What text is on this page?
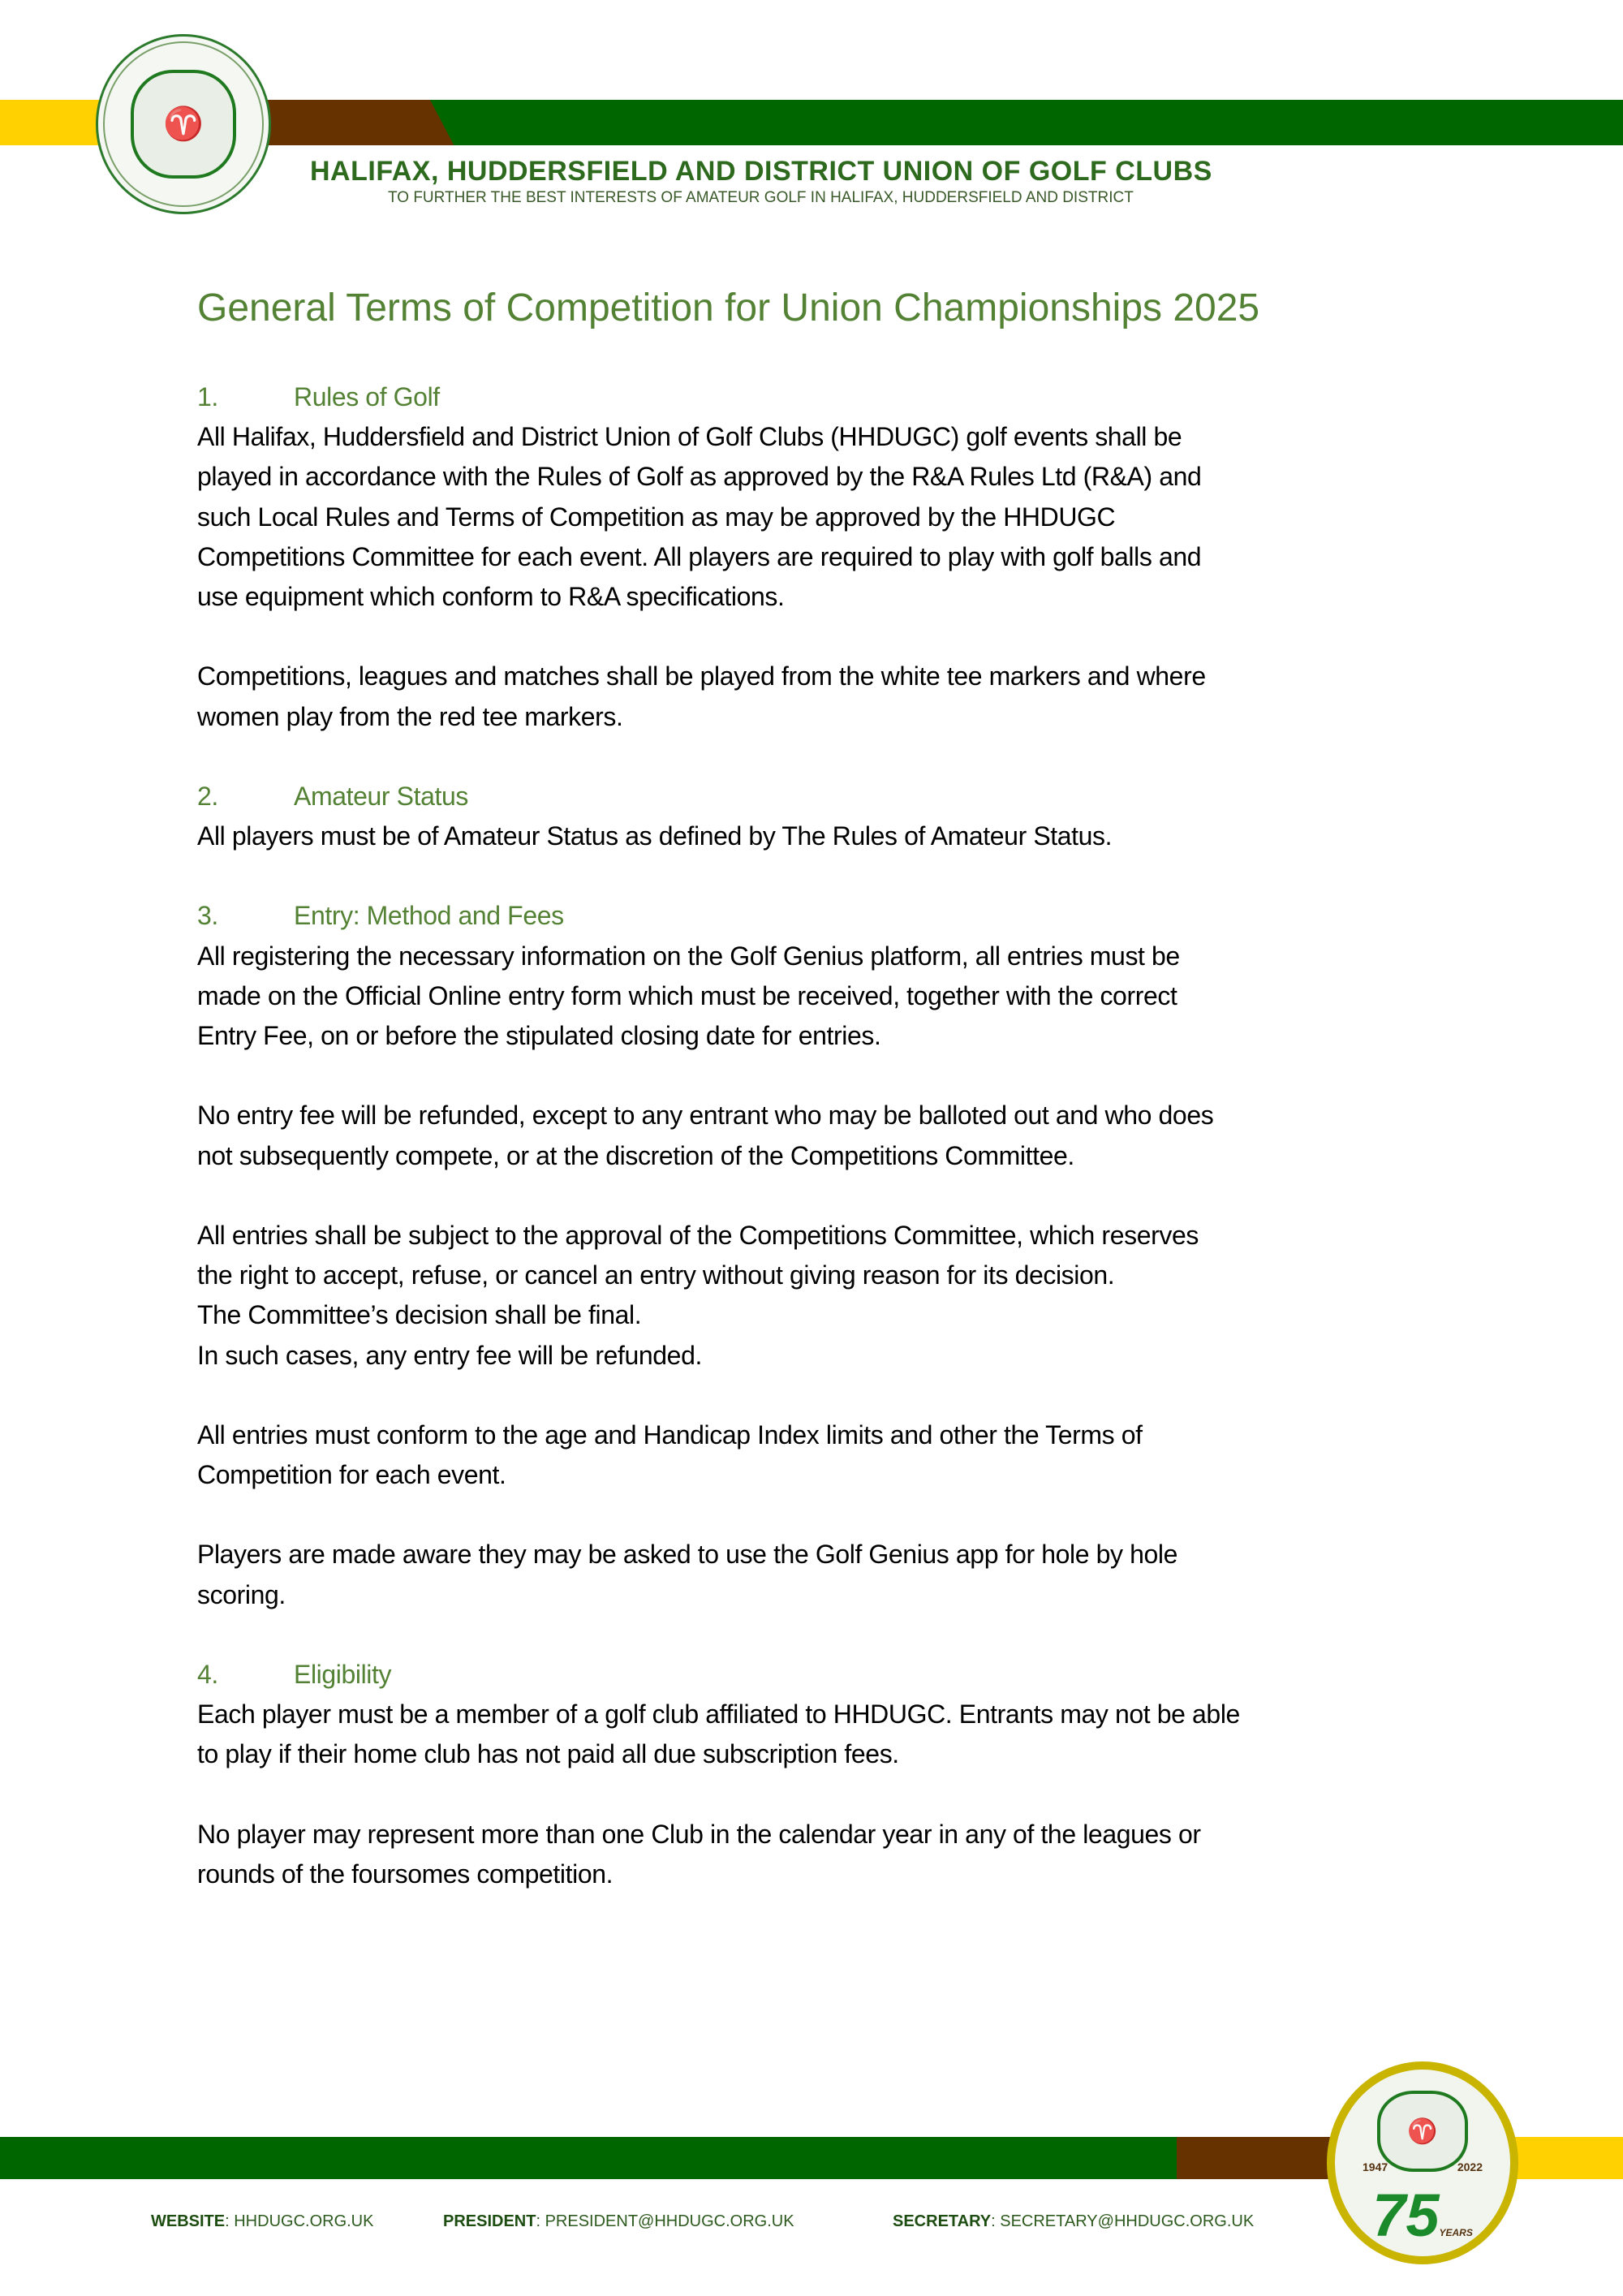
♈
HALIFAX, HUDDERSFIELD AND DISTRICT UNION OF GOLF CLUBS
TO FURTHER THE BEST INTERESTS OF AMATEUR GOLF IN HALIFAX, HUDDERSFIELD AND DISTRICT
General Terms of Competition for Union Championships 2025
1.	Rules of Golf
All Halifax, Huddersfield and District Union of Golf Clubs (HHDUGC) golf events shall be
played in accordance with the Rules of Golf as approved by the R&A Rules Ltd (R&A) and
such Local Rules and Terms of Competition as may be approved by the HHDUGC
Competitions Committee for each event. All players are required to play with golf balls and
use equipment which conform to R&A specifications.
Competitions, leagues and matches shall be played from the white tee markers and where
women play from the red tee markers.
2.	Amateur Status
All players must be of Amateur Status as defined by The Rules of Amateur Status.
3.	Entry: Method and Fees
All registering the necessary information on the Golf Genius platform, all entries must be
made on the Official Online entry form which must be received, together with the correct
Entry Fee, on or before the stipulated closing date for entries.
No entry fee will be refunded, except to any entrant who may be balloted out and who does
not subsequently compete, or at the discretion of the Competitions Committee.
All entries shall be subject to the approval of the Competitions Committee, which reserves
the right to accept, refuse, or cancel an entry without giving reason for its decision.
The Committee’s decision shall be final.
In such cases, any entry fee will be refunded.
All entries must conform to the age and Handicap Index limits and other the Terms of
Competition for each event.
Players are made aware they may be asked to use the Golf Genius app for hole by hole
scoring.
4.	Eligibility
Each player must be a member of a golf club affiliated to HHDUGC. Entrants may not be able
to play if their home club has not paid all due subscription fees.
No player may represent more than one Club in the calendar year in any of the leagues or
rounds of the foursomes competition.
♈
1947	2022
75YEARS
WEBSITE: HHDUGC.ORG.UK	PRESIDENT: PRESIDENT@HHDUGC.ORG.UK	SECRETARY: SECRETARY@HHDUGC.ORG.UK
